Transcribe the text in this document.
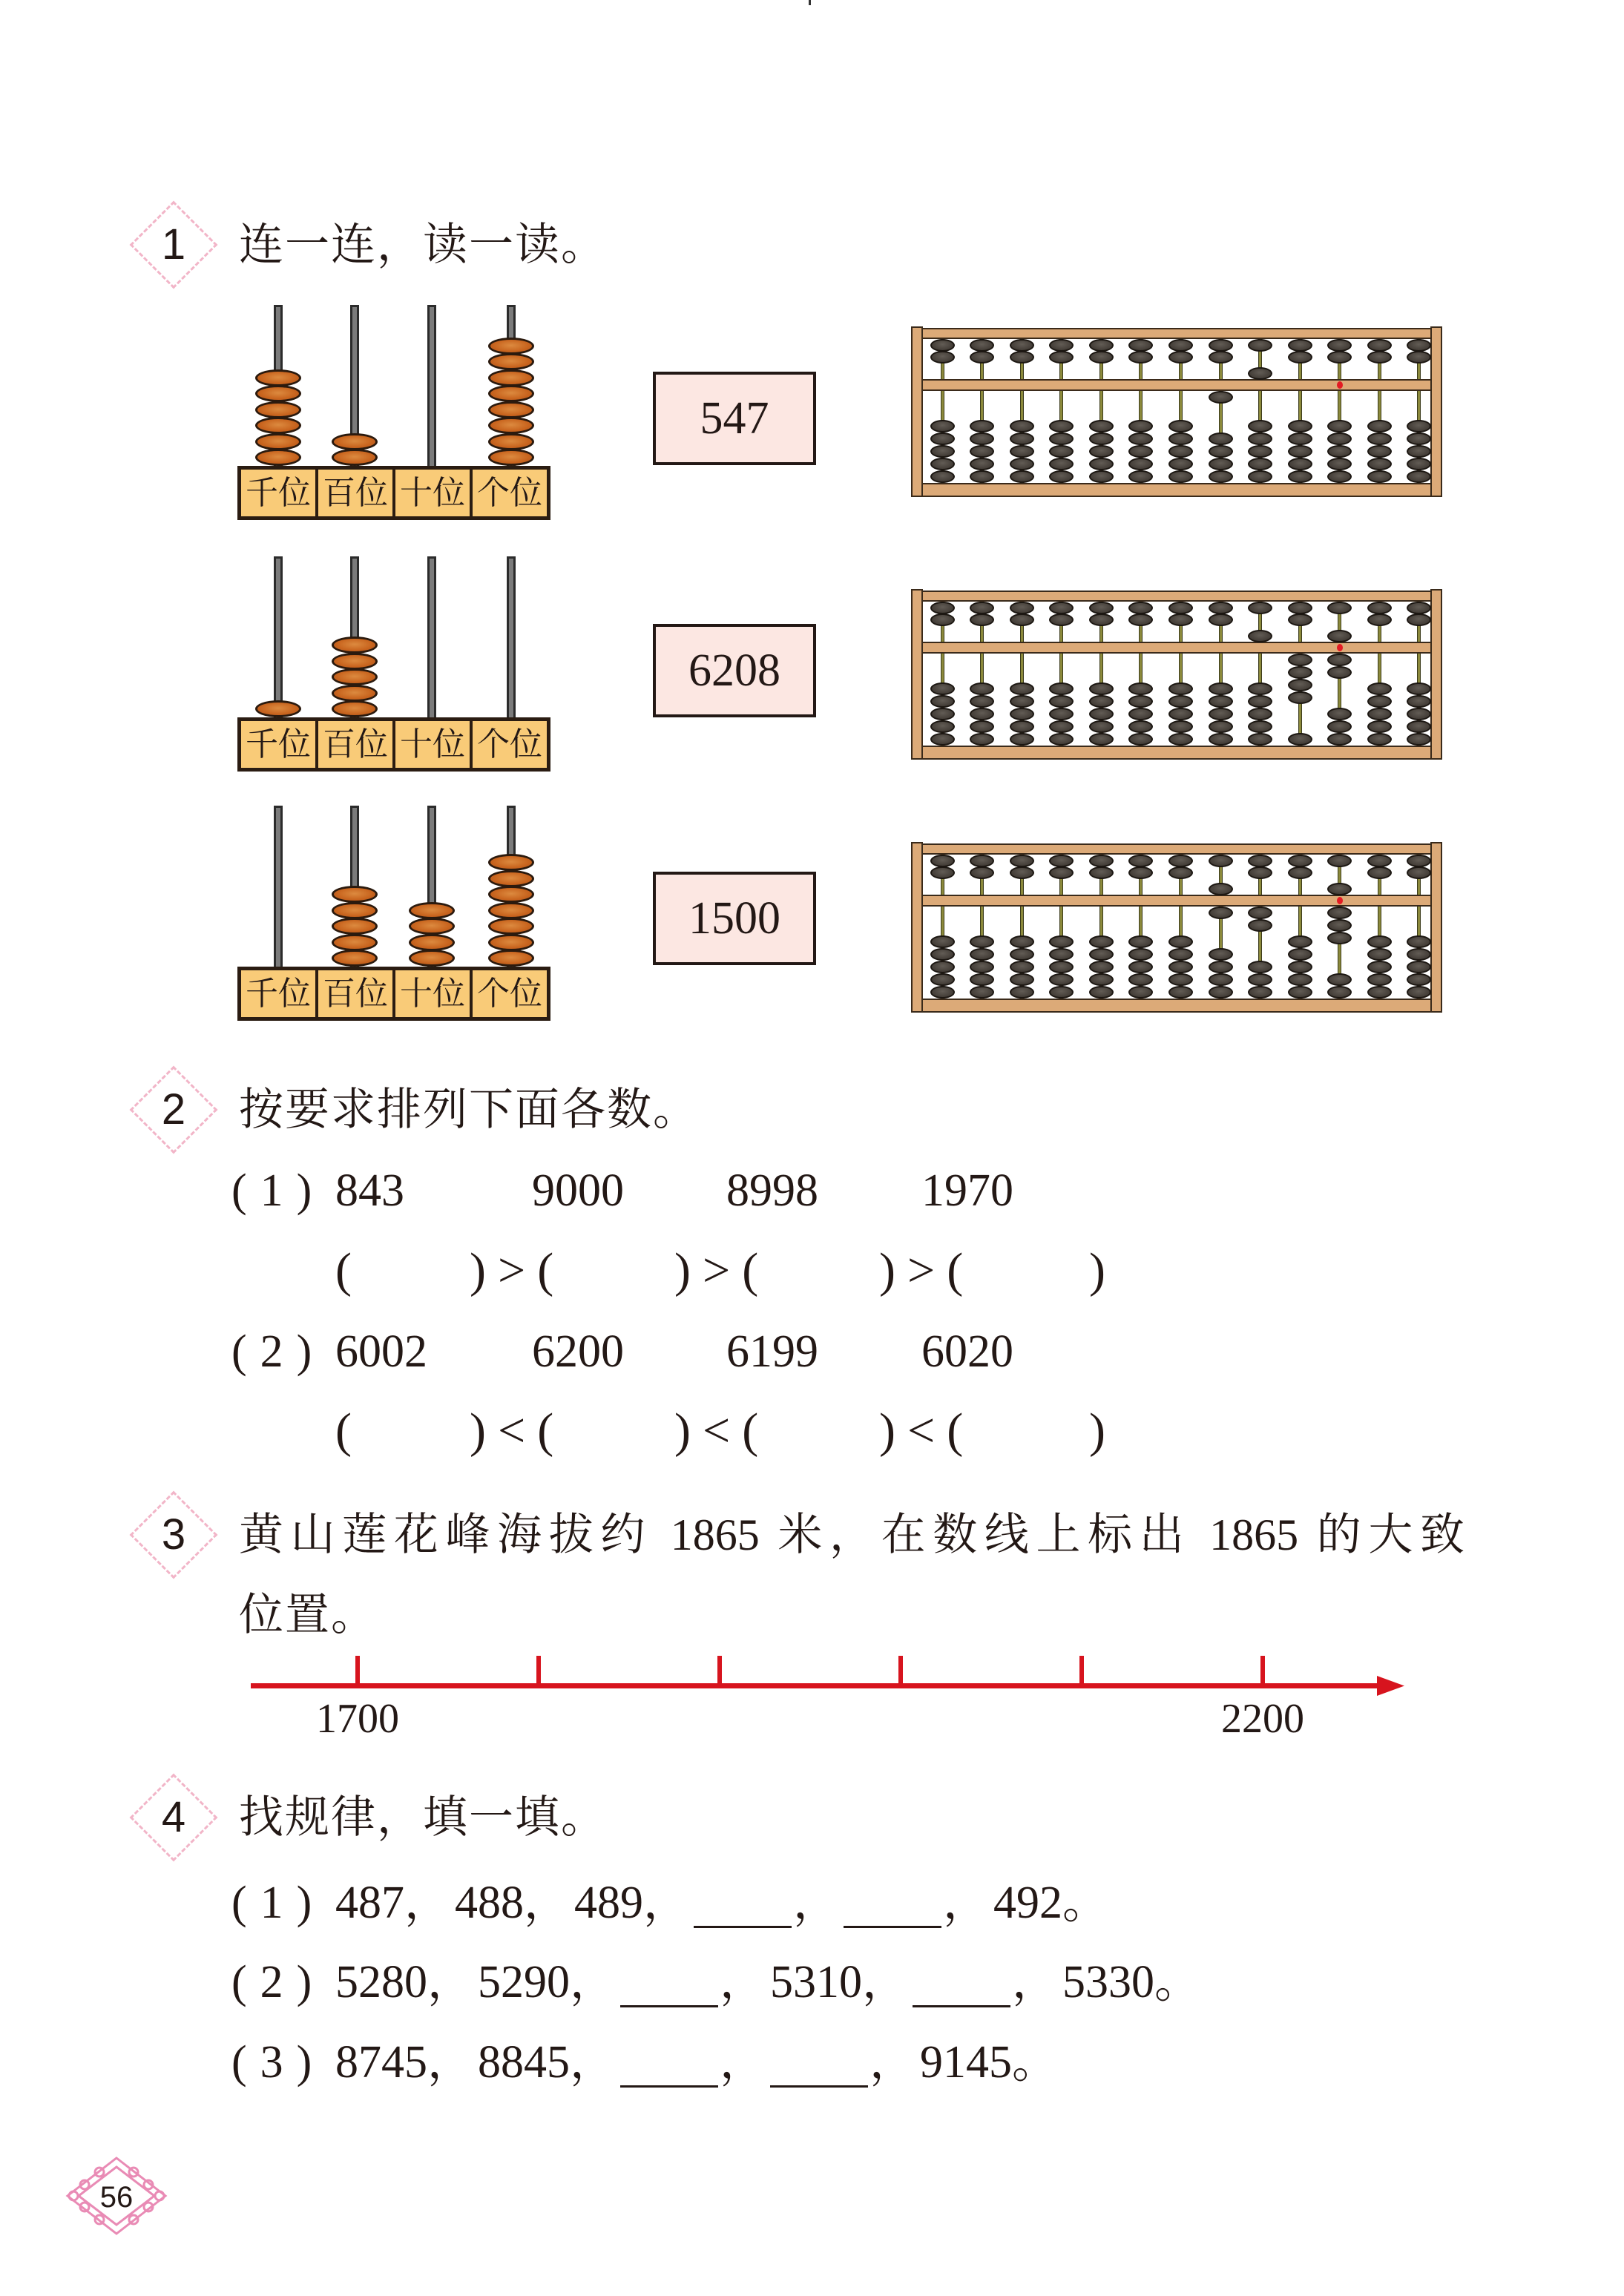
1	连一连，读一读。
千位 百位 十位 个位
千位 百位 十位 个位
千位 百位 十位 个位
547
6208
1500
2	按要求排列下面各数。
(1) 843	9000 8998 1970
( )>( )>( )>( )
(2) 6002 6200 6199 6020
( )<( )<( )<( )
3	黄山莲花峰海拔约 1865 米，在数线上标出 1865 的大致
位置。
1700	2200
4	找规律，填一填。
(1) 487，488，489， ， ，492。
(2) 5280，5290， ，5310， ，5330。
(3) 8745，8845， ， ，9145。
56
